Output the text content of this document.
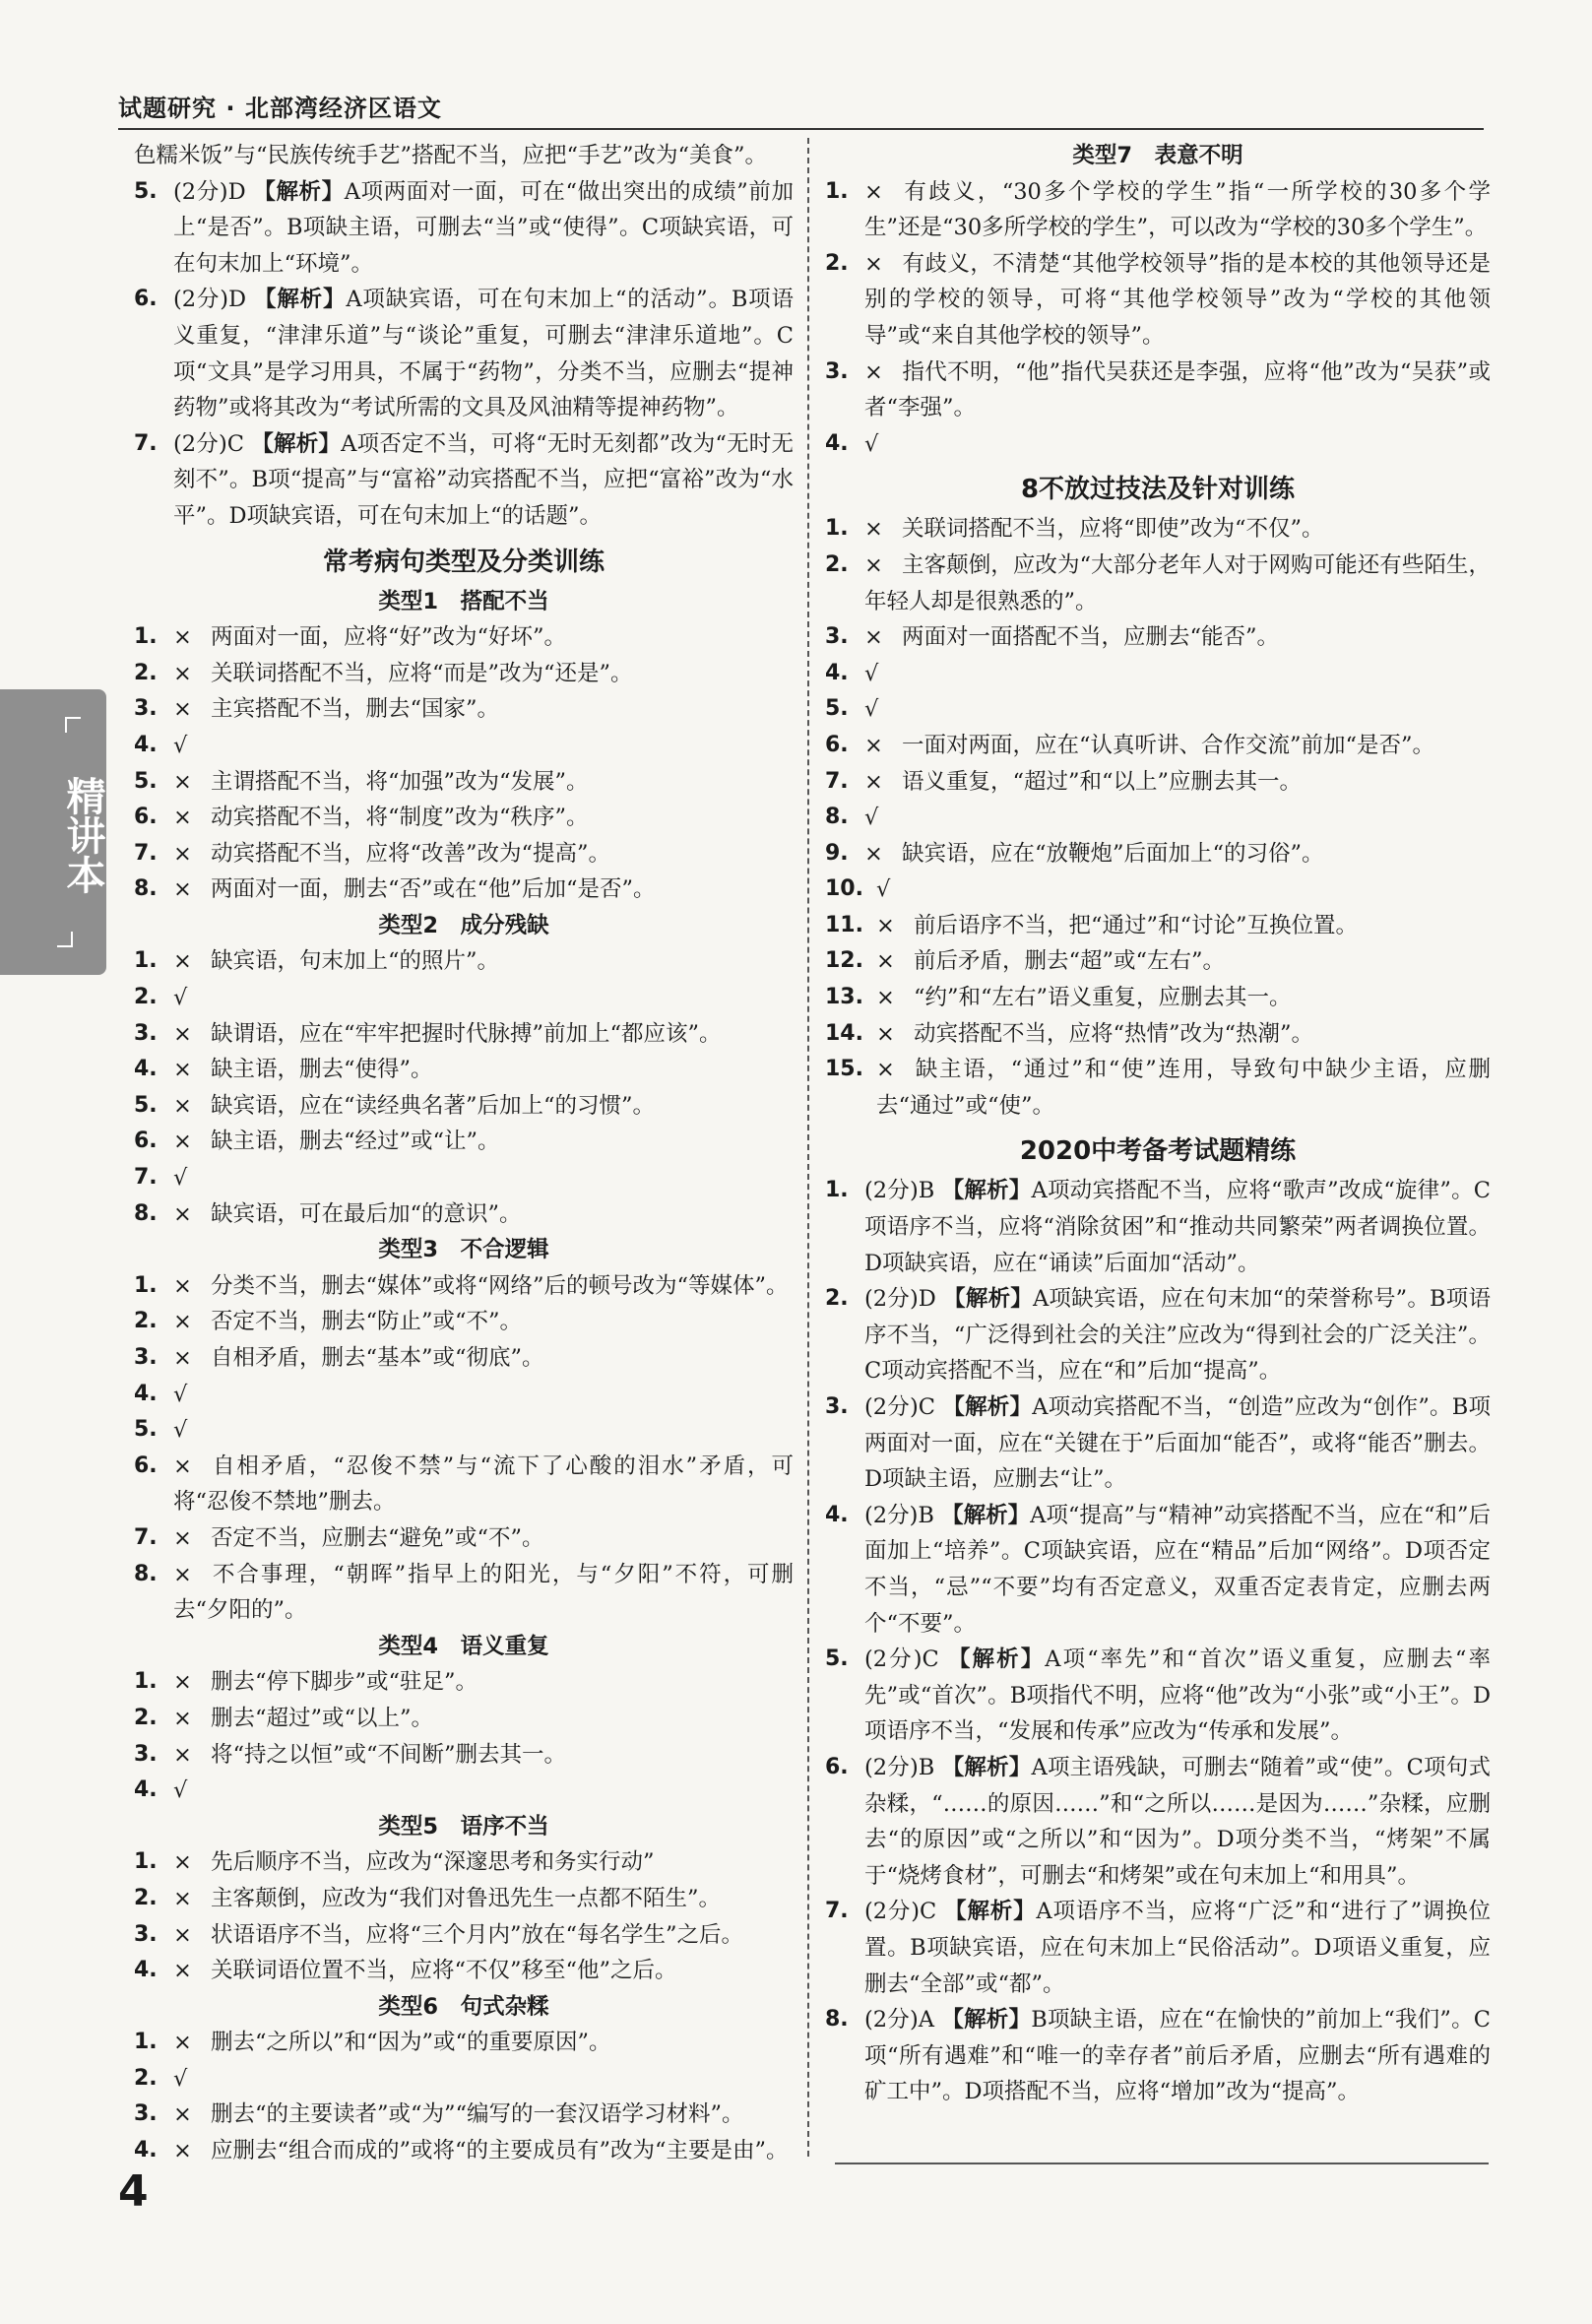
试题研究 · 北部湾经济区语文
精讲本
色糯米饭”与“民族传统手艺”搭配不当，应把“手艺”改为“美食”。
5. (2分)D 【解析】A项两面对一面，可在“做出突出的成绩”前加上“是否”。B项缺主语，可删去“当”或“使得”。C项缺宾语，可在句末加上“环境”。
6. (2分)D 【解析】A项缺宾语，可在句末加上“的活动”。B项语义重复，“津津乐道”与“谈论”重复，可删去“津津乐道地”。C项“文具”是学习用具，不属于“药物”，分类不当，应删去“提神药物”或将其改为“考试所需的文具及风油精等提神药物”。
7. (2分)C 【解析】A项否定不当，可将“无时无刻都”改为“无时无刻不”。B项“提高”与“富裕”动宾搭配不当，应把“富裕”改为“水平”。D项缺宾语，可在句末加上“的话题”。
常考病句类型及分类训练
类型1　搭配不当
1. × 两面对一面，应将“好”改为“好坏”。
2. × 关联词搭配不当，应将“而是”改为“还是”。
3. × 主宾搭配不当，删去“国家”。
4. √
5. × 主谓搭配不当，将“加强”改为“发展”。
6. × 动宾搭配不当，将“制度”改为“秩序”。
7. × 动宾搭配不当，应将“改善”改为“提高”。
8. × 两面对一面，删去“否”或在“他”后加“是否”。
类型2　成分残缺
1. × 缺宾语，句末加上“的照片”。
2. √
3. × 缺谓语，应在“牢牢把握时代脉搏”前加上“都应该”。
4. × 缺主语，删去“使得”。
5. × 缺宾语，应在“读经典名著”后加上“的习惯”。
6. × 缺主语，删去“经过”或“让”。
7. √
8. × 缺宾语，可在最后加“的意识”。
类型3　不合逻辑
1. × 分类不当，删去“媒体”或将“网络”后的顿号改为“等媒体”。
2. × 否定不当，删去“防止”或“不”。
3. × 自相矛盾，删去“基本”或“彻底”。
4. √
5. √
6. × 自相矛盾，“忍俊不禁”与“流下了心酸的泪水”矛盾，可将“忍俊不禁地”删去。
7. × 否定不当，应删去“避免”或“不”。
8. × 不合事理，“朝晖”指早上的阳光，与“夕阳”不符，可删去“夕阳的”。
类型4　语义重复
1. × 删去“停下脚步”或“驻足”。
2. × 删去“超过”或“以上”。
3. × 将“持之以恒”或“不间断”删去其一。
4. √
类型5　语序不当
1. × 先后顺序不当，应改为“深邃思考和务实行动”
2. × 主客颠倒，应改为“我们对鲁迅先生一点都不陌生”。
3. × 状语语序不当，应将“三个月内”放在“每名学生”之后。
4. × 关联词语位置不当，应将“不仅”移至“他”之后。
类型6　句式杂糅
1. × 删去“之所以”和“因为”或“的重要原因”。
2. √
3. × 删去“的主要读者”或“为”“编写的一套汉语学习材料”。
4. × 应删去“组合而成的”或将“的主要成员有”改为“主要是由”。
类型7　表意不明
1. × 有歧义，“30多个学校的学生”指“一所学校的30多个学生”还是“30多所学校的学生”，可以改为“学校的30多个学生”。
2. × 有歧义，不清楚“其他学校领导”指的是本校的其他领导还是别的学校的领导，可将“其他学校领导”改为“学校的其他领导”或“来自其他学校的领导”。
3. × 指代不明，“他”指代吴获还是李强，应将“他”改为“吴获”或者“李强”。
4. √
8不放过技法及针对训练
1. × 关联词搭配不当，应将“即使”改为“不仅”。
2. × 主客颠倒，应改为“大部分老年人对于网购可能还有些陌生，年轻人却是很熟悉的”。
3. × 两面对一面搭配不当，应删去“能否”。
4. √
5. √
6. × 一面对两面，应在“认真听讲、合作交流”前加“是否”。
7. × 语义重复，“超过”和“以上”应删去其一。
8. √
9. × 缺宾语，应在“放鞭炮”后面加上“的习俗”。
10. √
11. × 前后语序不当，把“通过”和“讨论”互换位置。
12. × 前后矛盾，删去“超”或“左右”。
13. × “约”和“左右”语义重复，应删去其一。
14. × 动宾搭配不当，应将“热情”改为“热潮”。
15. × 缺主语，“通过”和“使”连用，导致句中缺少主语，应删去“通过”或“使”。
2020中考备考试题精练
1. (2分)B 【解析】A项动宾搭配不当，应将“歌声”改成“旋律”。C项语序不当，应将“消除贫困”和“推动共同繁荣”两者调换位置。D项缺宾语，应在“诵读”后面加“活动”。
2. (2分)D 【解析】A项缺宾语，应在句末加“的荣誉称号”。B项语序不当，“广泛得到社会的关注”应改为“得到社会的广泛关注”。C项动宾搭配不当，应在“和”后加“提高”。
3. (2分)C 【解析】A项动宾搭配不当，“创造”应改为“创作”。B项两面对一面，应在“关键在于”后面加“能否”，或将“能否”删去。D项缺主语，应删去“让”。
4. (2分)B 【解析】A项“提高”与“精神”动宾搭配不当，应在“和”后面加上“培养”。C项缺宾语，应在“精品”后加“网络”。D项否定不当，“忌”“不要”均有否定意义，双重否定表肯定，应删去两个“不要”。
5. (2分)C 【解析】A项“率先”和“首次”语义重复，应删去“率先”或“首次”。B项指代不明，应将“他”改为“小张”或“小王”。D项语序不当，“发展和传承”应改为“传承和发展”。
6. (2分)B 【解析】A项主语残缺，可删去“随着”或“使”。C项句式杂糅，“……的原因……”和“之所以……是因为……”杂糅，应删去“的原因”或“之所以”和“因为”。D项分类不当，“烤架”不属于“烧烤食材”，可删去“和烤架”或在句末加上“和用具”。
7. (2分)C 【解析】A项语序不当，应将“广泛”和“进行了”调换位置。B项缺宾语，应在句末加上“民俗活动”。D项语义重复，应删去“全部”或“都”。
8. (2分)A 【解析】B项缺主语，应在“在愉快的”前加上“我们”。C项“所有遇难”和“唯一的幸存者”前后矛盾，应删去“所有遇难的矿工中”。D项搭配不当，应将“增加”改为“提高”。
4
